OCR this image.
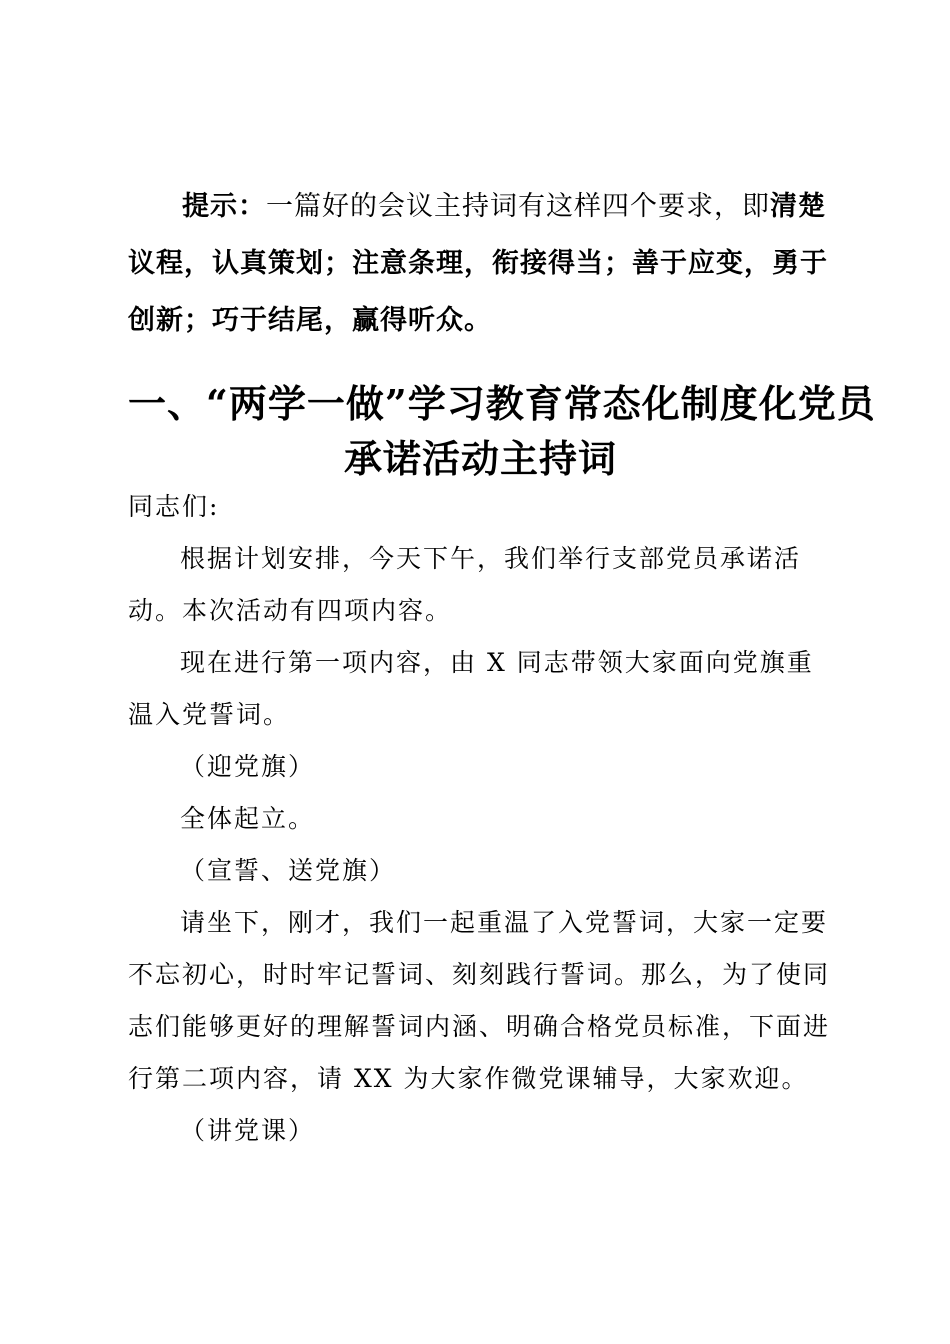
提示：一篇好的会议主持词有这样四个要求，即清楚议程，认真策划；注意条理，衔接得当；善于应变，勇于创新；巧于结尾，赢得听众。

一、“两学一做”学习教育常态化制度化党员
承诺活动主持词

同志们:

根据计划安排，今天下午，我们举行支部党员承诺活动。本次活动有四项内容。

现在进行第一项内容，由 X 同志带领大家面向党旗重温入党誓词。

（迎党旗）

全体起立。

（宣誓、送党旗）

请坐下，刚才，我们一起重温了入党誓词，大家一定要不忘初心，时时牢记誓词、刻刻践行誓词。那么，为了使同志们能够更好的理解誓词内涵、明确合格党员标准，下面进行第二项内容，请 XX 为大家作微党课辅导，大家欢迎。

（讲党课）
